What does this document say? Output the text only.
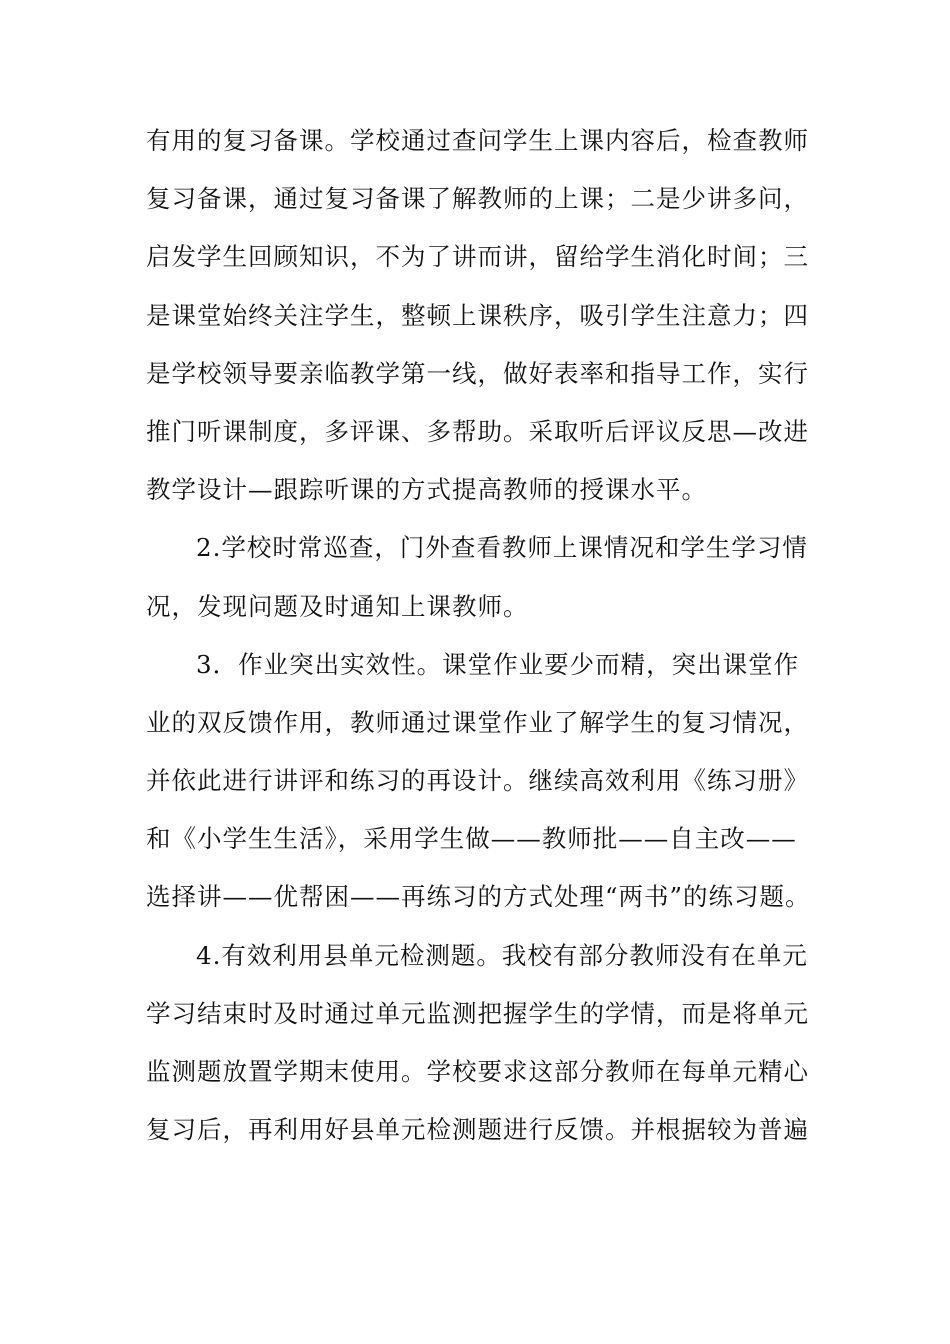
有用的复习备课。学校通过查问学生上课内容后，检查教师
复习备课，通过复习备课了解教师的上课；二是少讲多问，
启发学生回顾知识，不为了讲而讲，留给学生消化时间；三
是课堂始终关注学生，整顿上课秩序，吸引学生注意力；四
是学校领导要亲临教学第一线，做好表率和指导工作，实行
推门听课制度，多评课、多帮助。采取听后评议反思—改进
教学设计—跟踪听课的方式提高教师的授课水平。
2.学校时常巡查，门外查看教师上课情况和学生学习情
况，发现问题及时通知上课教师。
3．作业突出实效性。课堂作业要少而精，突出课堂作
业的双反馈作用，教师通过课堂作业了解学生的复习情况，
并依此进行讲评和练习的再设计。继续高效利用《练习册》
和《小学生生活》，采用学生做——教师批——自主改——
选择讲——优帮困——再练习的方式处理“两书”的练习题。
4.有效利用县单元检测题。我校有部分教师没有在单元
学习结束时及时通过单元监测把握学生的学情，而是将单元
监测题放置学期末使用。学校要求这部分教师在每单元精心
复习后，再利用好县单元检测题进行反馈。并根据较为普遍
